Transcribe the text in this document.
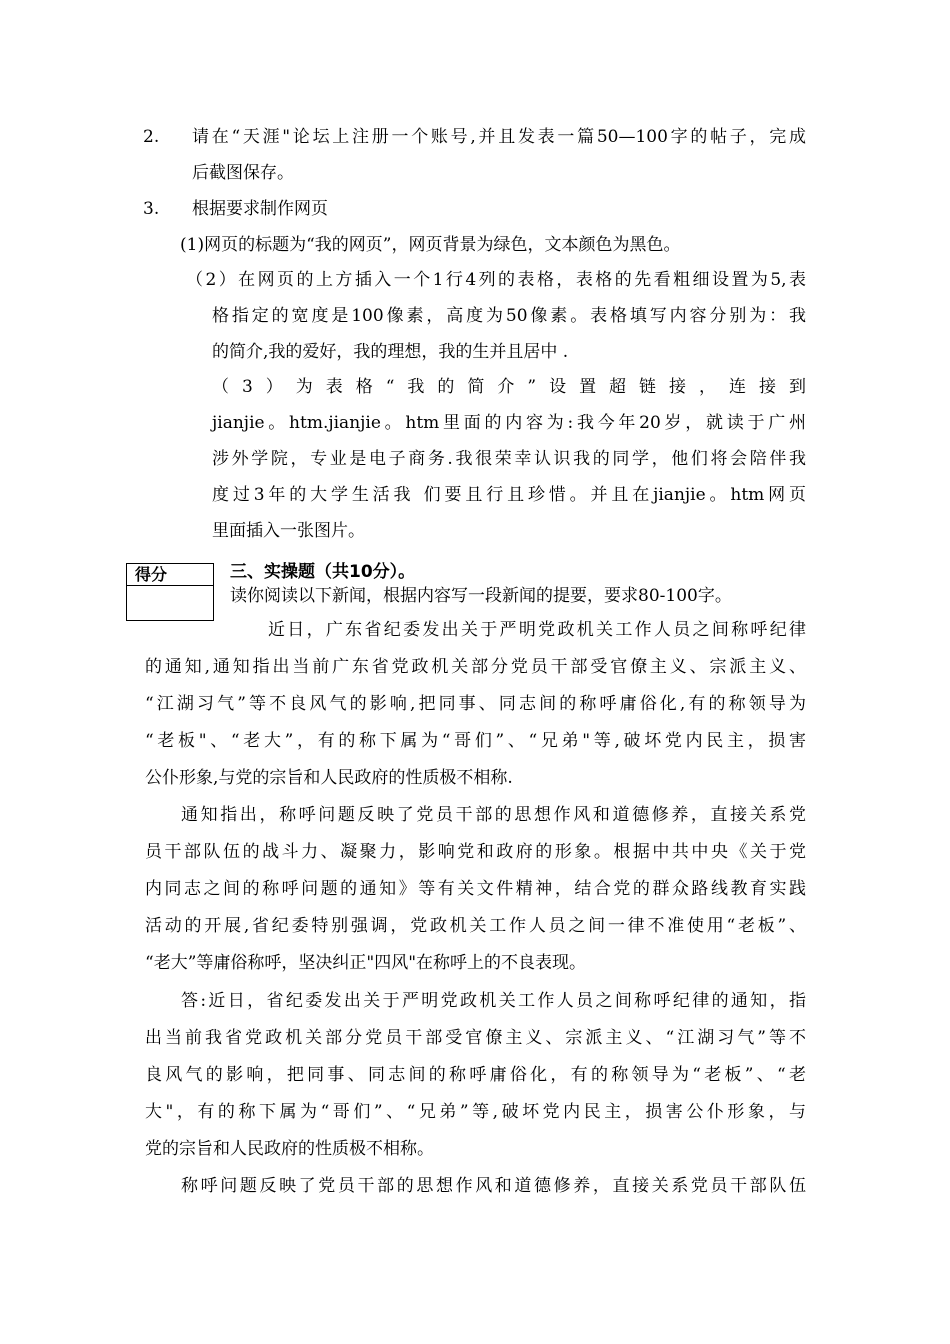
2. 请在“天涯"论坛上注册一个账号,并且发表一篇50—100字的帖子，完成
后截图保存。
3. 根据要求制作网页
(1)网页的标题为“我的网页”，网页背景为绿色，文本颜色为黑色。
（2）在网页的上方插入一个1行4列的表格，表格的先看粗细设置为5,表
格指定的宽度是100像素，高度为50像素。表格填写内容分别为：我
的简介,我的爱好，我的理想，我的生并且居中 .
（3）为表格“我的简介”设置超链接，连接到
jianjie。htm.jianjie。htm里面的内容为:我今年20岁，就读于广州
涉外学院，专业是电子商务.我很荣幸认识我的同学，他们将会陪伴我
度过3年的大学生活我 们要且行且珍惜。并且在jianjie。htm网页
里面插入一张图片。
得分	三、实操题（共10分）。
读你阅读以下新闻，根据内容写一段新闻的提要，要求80-100字。
近日，广东省纪委发出关于严明党政机关工作人员之间称呼纪律
的通知,通知指出当前广东省党政机关部分党员干部受官僚主义、宗派主义、
“江湖习气”等不良风气的影响,把同事、同志间的称呼庸俗化,有的称领导为
“老板"、“老大”，有的称下属为“哥们”、“兄弟"等,破坏党内民主，损害
公仆形象,与党的宗旨和人民政府的性质极不相称.
通知指出，称呼问题反映了党员干部的思想作风和道德修养，直接关系党
员干部队伍的战斗力、凝聚力，影响党和政府的形象。根据中共中央《关于党
内同志之间的称呼问题的通知》等有关文件精神，结合党的群众路线教育实践
活动的开展,省纪委特别强调，党政机关工作人员之间一律不准使用“老板”、
“老大”等庸俗称呼，坚决纠正"四风"在称呼上的不良表现。
答:近日，省纪委发出关于严明党政机关工作人员之间称呼纪律的通知，指
出当前我省党政机关部分党员干部受官僚主义、宗派主义、“江湖习气”等不
良风气的影响，把同事、同志间的称呼庸俗化，有的称领导为“老板”、“老
大"，有的称下属为“哥们”、“兄弟”等,破坏党内民主，损害公仆形象，与
党的宗旨和人民政府的性质极不相称。
称呼问题反映了党员干部的思想作风和道德修养，直接关系党员干部队伍
